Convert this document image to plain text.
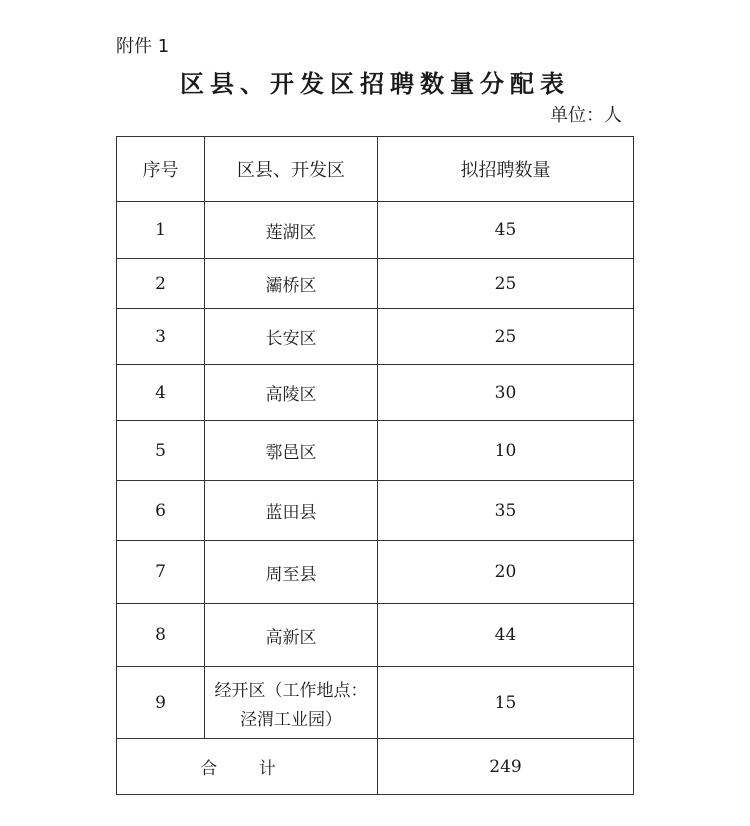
附件 1
区县、开发区招聘数量分配表
单位：人
序号	区县、开发区	拟招聘数量
1	莲湖区	45
2	灞桥区	25
3	长安区	25
4	高陵区	30
5	鄠邑区	10
6	蓝田县	35
7	周至县	20
8	高新区	44
9	经开区（工作地点：
泾渭工业园）	15
合 计		249
